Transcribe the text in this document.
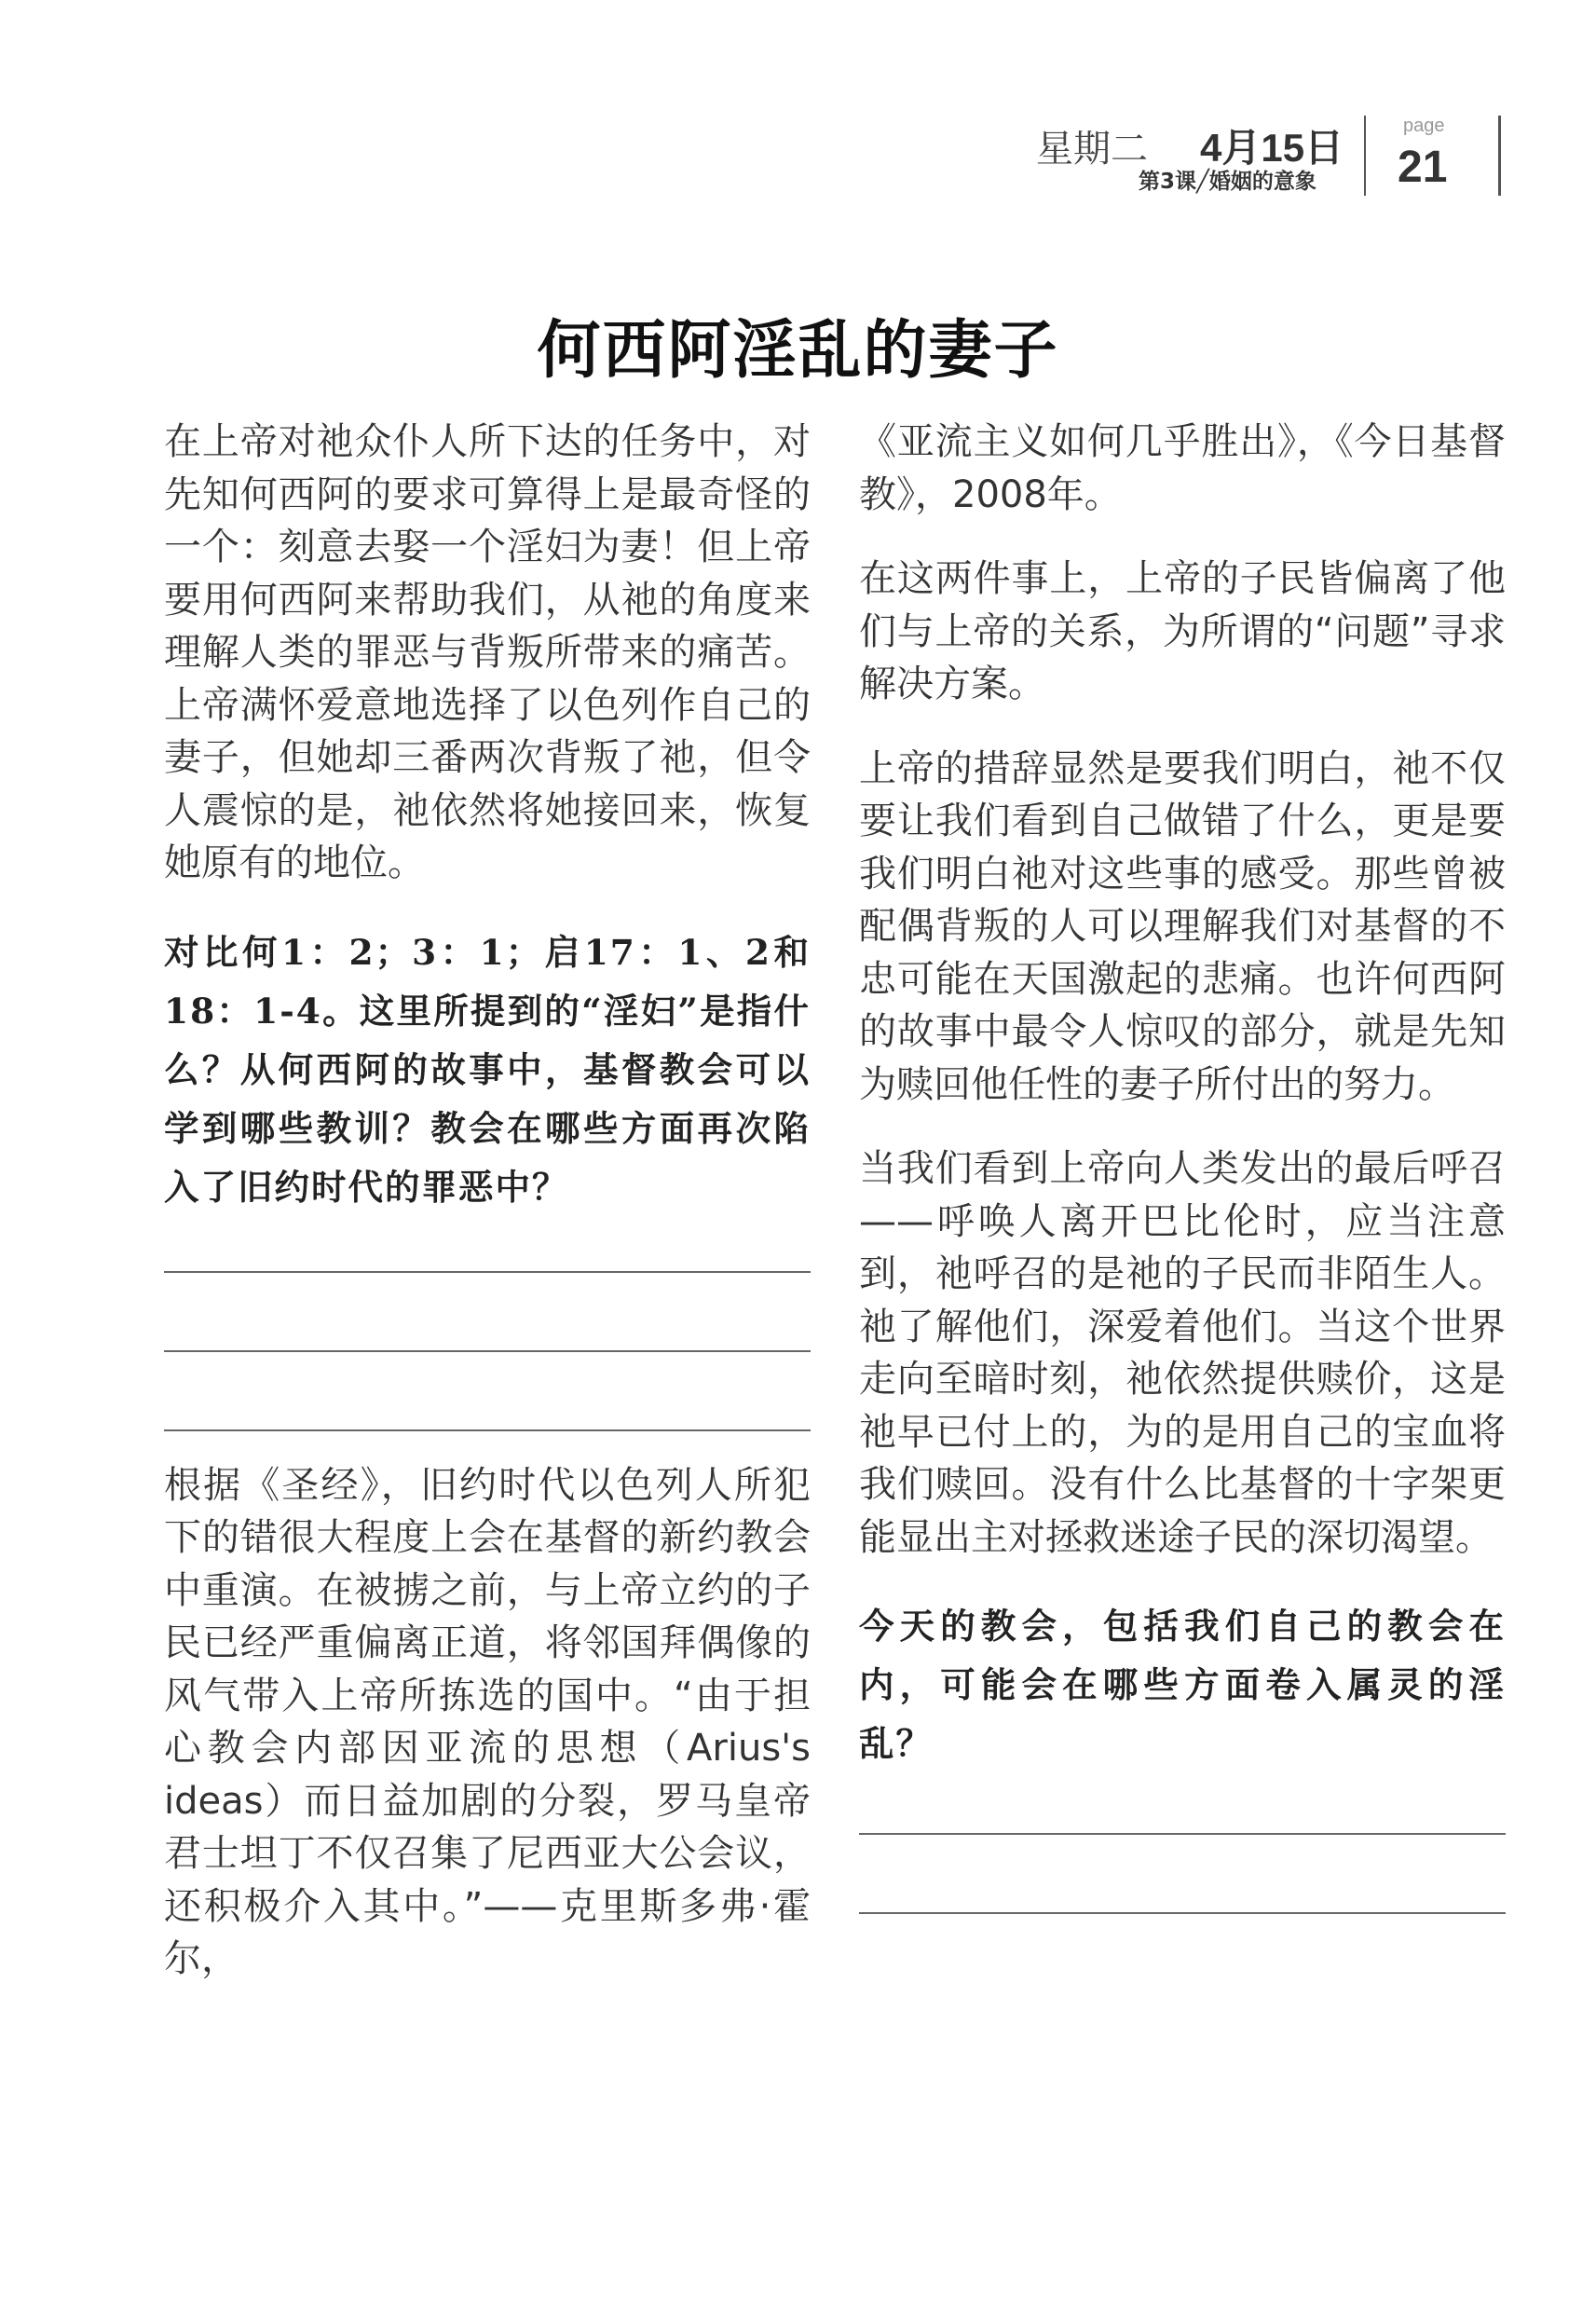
星期二 4月15日
第3课╱婚姻的意象
page
21
何西阿淫乱的妻子

在上帝对祂众仆人所下达的任务中，对先知何西阿的要求可算得上是最奇怪的一个：刻意去娶一个淫妇为妻！但上帝要用何西阿来帮助我们，从祂的角度来理解人类的罪恶与背叛所带来的痛苦。上帝满怀爱意地选择了以色列作自己的妻子，但她却三番两次背叛了祂，但令人震惊的是，祂依然将她接回来，恢复她原有的地位。

对比何1：2；3：1；启17：1、2和18：1-4。这里所提到的“淫妇”是指什么？从何西阿的故事中，基督教会可以学到哪些教训？教会在哪些方面再次陷入了旧约时代的罪恶中？

根据《圣经》，旧约时代以色列人所犯下的错很大程度上会在基督的新约教会中重演。在被掳之前，与上帝立约的子民已经严重偏离正道，将邻国拜偶像的风气带入上帝所拣选的国中。“由于担心教会内部因亚流的思想（Arius's ideas）而日益加剧的分裂，罗马皇帝君士坦丁不仅召集了尼西亚大公会议，还积极介入其中。”——克里斯多弗·霍尔，

《亚流主义如何几乎胜出》，《今日基督教》，2008年。

在这两件事上，上帝的子民皆偏离了他们与上帝的关系，为所谓的“问题”寻求解决方案。

上帝的措辞显然是要我们明白，祂不仅要让我们看到自己做错了什么，更是要我们明白祂对这些事的感受。那些曾被配偶背叛的人可以理解我们对基督的不忠可能在天国激起的悲痛。也许何西阿的故事中最令人惊叹的部分，就是先知为赎回他任性的妻子所付出的努力。

当我们看到上帝向人类发出的最后呼召——呼唤人离开巴比伦时，应当注意到，祂呼召的是祂的子民而非陌生人。祂了解他们，深爱着他们。当这个世界走向至暗时刻，祂依然提供赎价，这是祂早已付上的，为的是用自己的宝血将我们赎回。没有什么比基督的十字架更能显出主对拯救迷途子民的深切渴望。

今天的教会，包括我们自己的教会在内，可能会在哪些方面卷入属灵的淫乱？
